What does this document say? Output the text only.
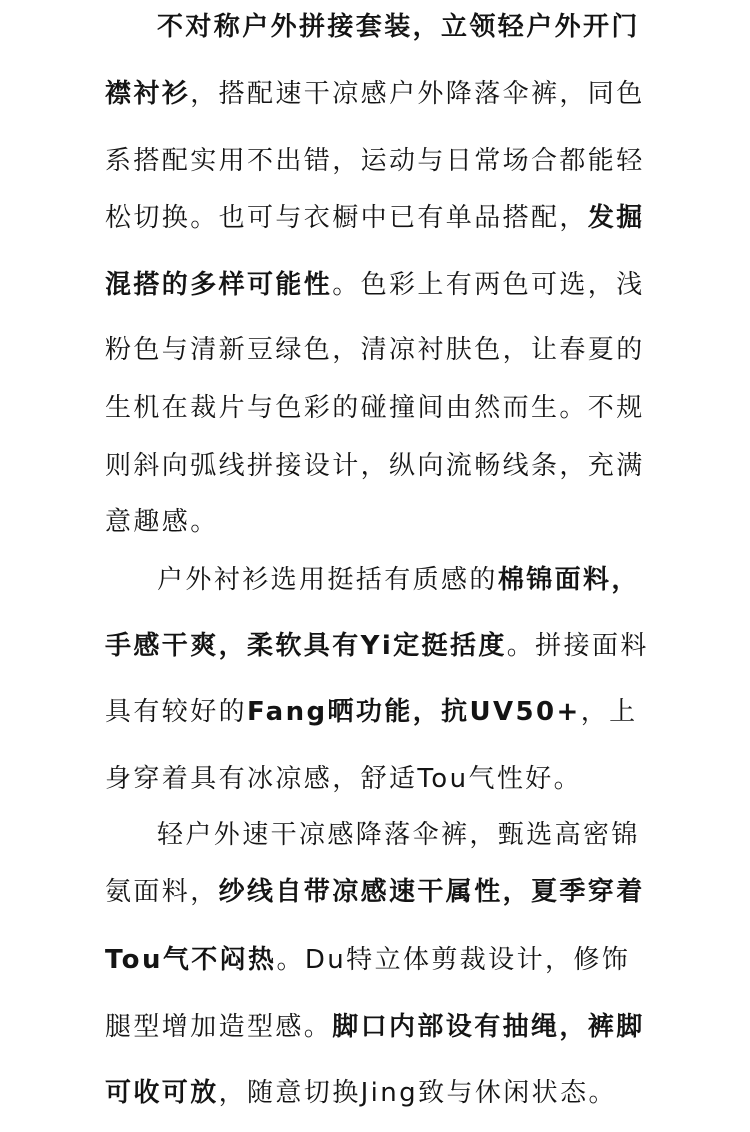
不对称户外拼接套装，立领轻户外开门
襟衬衫，搭配速干凉感户外降落伞裤，同色
系搭配实用不出错，运动与日常场合都能轻
松切换。也可与衣橱中已有单品搭配，发掘
混搭的多样可能性。色彩上有两色可选，浅
粉色与清新豆绿色，清凉衬肤色，让春夏的
生机在裁片与色彩的碰撞间由然而生。不规
则斜向弧线拼接设计，纵向流畅线条，充满
意趣感。
户外衬衫选用挺括有质感的棉锦面料，
手感干爽，柔软具有Yi定挺括度。拼接面料
具有较好的Fang晒功能，抗UV50+，上
身穿着具有冰凉感，舒适Tou气性好。
轻户外速干凉感降落伞裤，甄选高密锦
氨面料，纱线自带凉感速干属性，夏季穿着
Tou气不闷热。Du特立体剪裁设计，修饰
腿型增加造型感。脚口内部设有抽绳，裤脚
可收可放，随意切换Jing致与休闲状态。
